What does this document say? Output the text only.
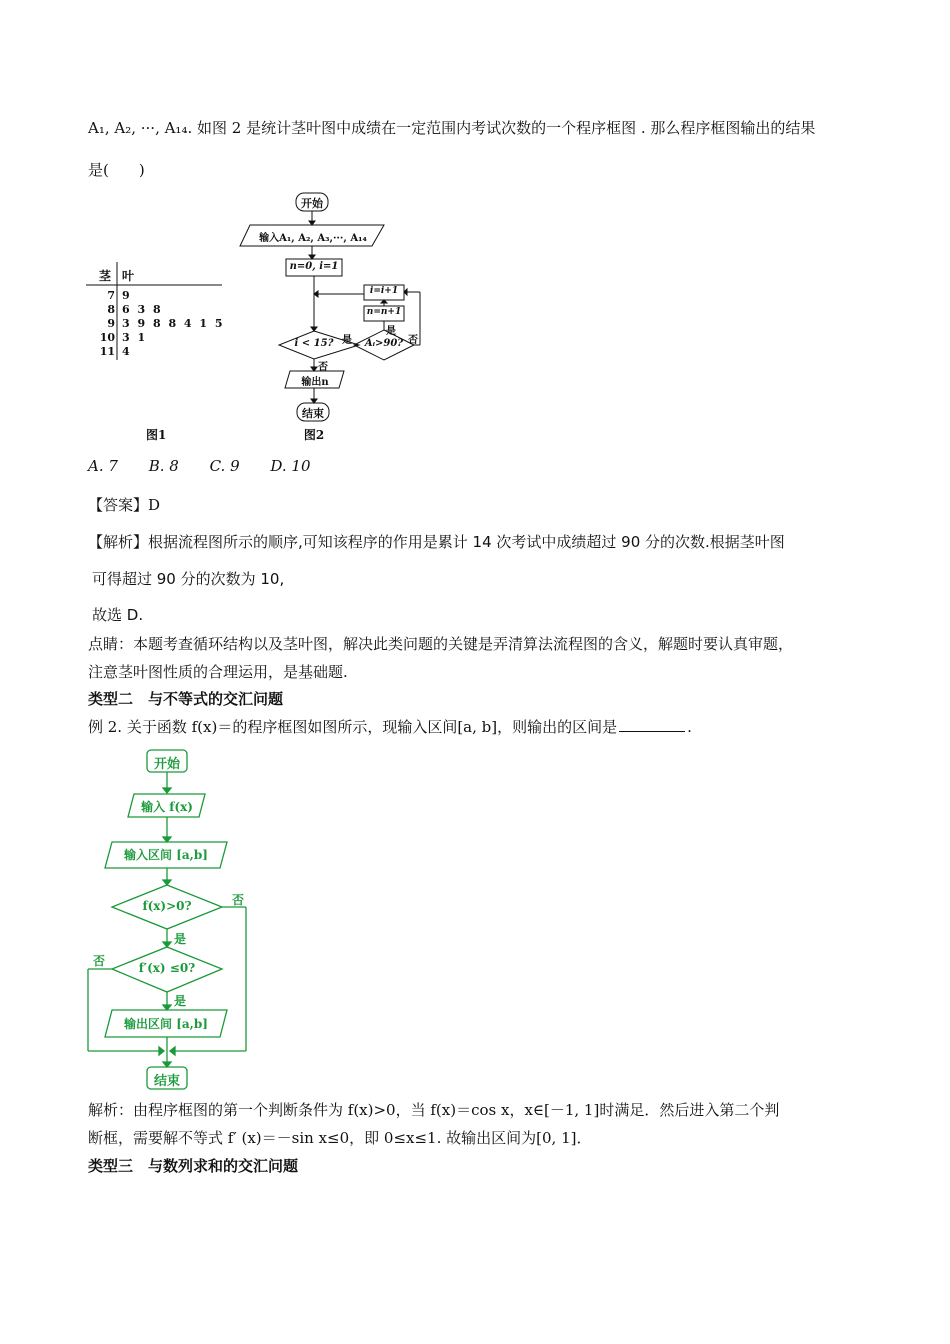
A₁, A₂, ···, A₁₄. 如图 2 是统计茎叶图中成绩在一定范围内考试次数的一个程序框图 . 那么程序框图输出的结果
是(　　)
茎 叶
7 9
8 6 3 8
9 3 9 8 8 4 1 5
10 3 1
11 4
图1
开始
输入A₁, A₂, A₃,···, A₁₄
n=0, i=1
i=i+1
n=n+1
i < 15?	Aᵢ>90?
是
是
否
否
输出n
结束
图2
A. 7 B. 8 C. 9 D. 10
【答案】D
【解析】根据流程图所示的顺序,可知该程序的作用是累计 14 次考试中成绩超过 90 分的次数.根据茎叶图
可得超过 90 分的次数为 10,
故选 D.
点睛：本题考查循环结构以及茎叶图，解决此类问题的关键是弄清算法流程图的含义，解题时要认真审题，
注意茎叶图性质的合理运用，是基础题.
类型二　与不等式的交汇问题
例 2. 关于函数 f(x)＝的程序框图如图所示，现输入区间[a, b]，则输出的区间是	.
开始
输入 f(x)
输入区间 [a,b]
f(x)>0?	否
是
f′(x) ≤0?
否
是
输出区间 [a,b]
结束
解析：由程序框图的第一个判断条件为 f(x)>0，当 f(x)＝cos x，x∈[－1, 1]时满足．然后进入第二个判
断框，需要解不等式 f′ (x)＝－sin x≤0，即 0≤x≤1. 故输出区间为[0, 1]．
类型三　与数列求和的交汇问题
